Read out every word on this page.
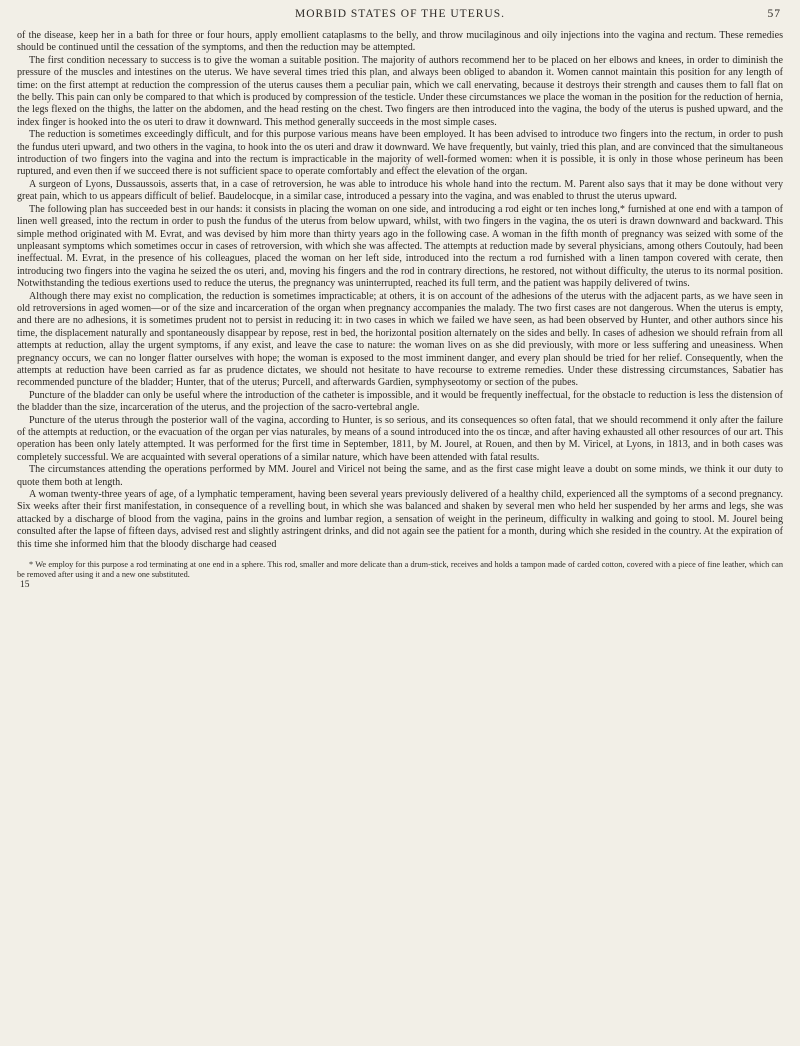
MORBID STATES OF THE UTERUS.	57

of the disease, keep her in a bath for three or four hours, apply emollient cataplasms to the belly, and throw mucilaginous and oily injections into the vagina and rectum. These remedies should be continued until the cessation of the symptoms, and then the reduction may be attempted.

The first condition necessary to success is to give the woman a suitable position. The majority of authors recommend her to be placed on her elbows and knees, in order to diminish the pressure of the muscles and intestines on the uterus. We have several times tried this plan, and always been obliged to abandon it. Women cannot maintain this position for any length of time: on the first attempt at reduction the compression of the uterus causes them a peculiar pain, which we call enervating, because it destroys their strength and causes them to fall flat on the belly. This pain can only be compared to that which is produced by compression of the testicle. Under these circumstances we place the woman in the position for the reduction of hernia, the legs flexed on the thighs, the latter on the abdomen, and the head resting on the chest. Two fingers are then introduced into the vagina, the body of the uterus is pushed upward, and the index finger is hooked into the os uteri to draw it downward. This method generally succeeds in the most simple cases.

The reduction is sometimes exceedingly difficult, and for this purpose various means have been employed. It has been advised to introduce two fingers into the rectum, in order to push the fundus uteri upward, and two others in the vagina, to hook into the os uteri and draw it downward. We have frequently, but vainly, tried this plan, and are convinced that the simultaneous introduction of two fingers into the vagina and into the rectum is impracticable in the majority of well-formed women: when it is possible, it is only in those whose perineum has been ruptured, and even then if we succeed there is not sufficient space to operate comfortably and effect the elevation of the organ.

A surgeon of Lyons, Dussaussois, asserts that, in a case of retroversion, he was able to introduce his whole hand into the rectum. M. Parent also says that it may be done without very great pain, which to us appears difficult of belief. Baudelocque, in a similar case, introduced a pessary into the vagina, and was enabled to thrust the uterus upward.

The following plan has succeeded best in our hands: it consists in placing the woman on one side, and introducing a rod eight or ten inches long,* furnished at one end with a tampon of linen well greased, into the rectum in order to push the fundus of the uterus from below upward, whilst, with two fingers in the vagina, the os uteri is drawn downward and backward. This simple method originated with M. Evrat, and was devised by him more than thirty years ago in the following case. A woman in the fifth month of pregnancy was seized with some of the unpleasant symptoms which sometimes occur in cases of retroversion, with which she was affected. The attempts at reduction made by several physicians, among others Coutouly, had been ineffectual. M. Evrat, in the presence of his colleagues, placed the woman on her left side, introduced into the rectum a rod furnished with a linen tampon covered with cerate, then introducing two fingers into the vagina he seized the os uteri, and, moving his fingers and the rod in contrary directions, he restored, not without difficulty, the uterus to its normal position. Notwithstanding the tedious exertions used to reduce the uterus, the pregnancy was uninterrupted, reached its full term, and the patient was happily delivered of twins.

Although there may exist no complication, the reduction is sometimes impracticable; at others, it is on account of the adhesions of the uterus with the adjacent parts, as we have seen in old retroversions in aged women—or of the size and incarceration of the organ when pregnancy accompanies the malady. The two first cases are not dangerous. When the uterus is empty, and there are no adhesions, it is sometimes prudent not to persist in reducing it: in two cases in which we failed we have seen, as had been observed by Hunter, and other authors since his time, the displacement naturally and spontaneously disappear by repose, rest in bed, the horizontal position alternately on the sides and belly. In cases of adhesion we should refrain from all attempts at reduction, allay the urgent symptoms, if any exist, and leave the case to nature: the woman lives on as she did previously, with more or less suffering and uneasiness. When pregnancy occurs, we can no longer flatter ourselves with hope; the woman is exposed to the most imminent danger, and every plan should be tried for her relief. Consequently, when the attempts at reduction have been carried as far as prudence dictates, we should not hesitate to have recourse to extreme remedies. Under these distressing circumstances, Sabatier has recommended puncture of the bladder; Hunter, that of the uterus; Purcell, and afterwards Gardien, symphyseotomy or section of the pubes.

Puncture of the bladder can only be useful where the introduction of the catheter is impossible, and it would be frequently ineffectual, for the obstacle to reduction is less the distension of the bladder than the size, incarceration of the uterus, and the projection of the sacro-vertebral angle.

Puncture of the uterus through the posterior wall of the vagina, according to Hunter, is so serious, and its consequences so often fatal, that we should recommend it only after the failure of the attempts at reduction, or the evacuation of the organ per vias naturales, by means of a sound introduced into the os tincæ, and after having exhausted all other resources of our art. This operation has been only lately attempted. It was performed for the first time in September, 1811, by M. Jourel, at Rouen, and then by M. Viricel, at Lyons, in 1813, and in both cases was completely successful. We are acquainted with several operations of a similar nature, which have been attended with fatal results.

The circumstances attending the operations performed by MM. Jourel and Viricel not being the same, and as the first case might leave a doubt on some minds, we think it our duty to quote them both at length.

A woman twenty-three years of age, of a lymphatic temperament, having been several years previously delivered of a healthy child, experienced all the symptoms of a second pregnancy. Six weeks after their first manifestation, in consequence of a revelling bout, in which she was balanced and shaken by several men who held her suspended by her arms and legs, she was attacked by a discharge of blood from the vagina, pains in the groins and lumbar region, a sensation of weight in the perineum, difficulty in walking and going to stool. M. Jourel being consulted after the lapse of fifteen days, advised rest and slightly astringent drinks, and did not again see the patient for a month, during which she resided in the country. At the expiration of this time she informed him that the bloody discharge had ceased

* We employ for this purpose a rod terminating at one end in a sphere. This rod, smaller and more delicate than a drum-stick, receives and holds a tampon made of carded cotton, covered with a piece of fine leather, which can be removed after using it and a new one substituted.
15
